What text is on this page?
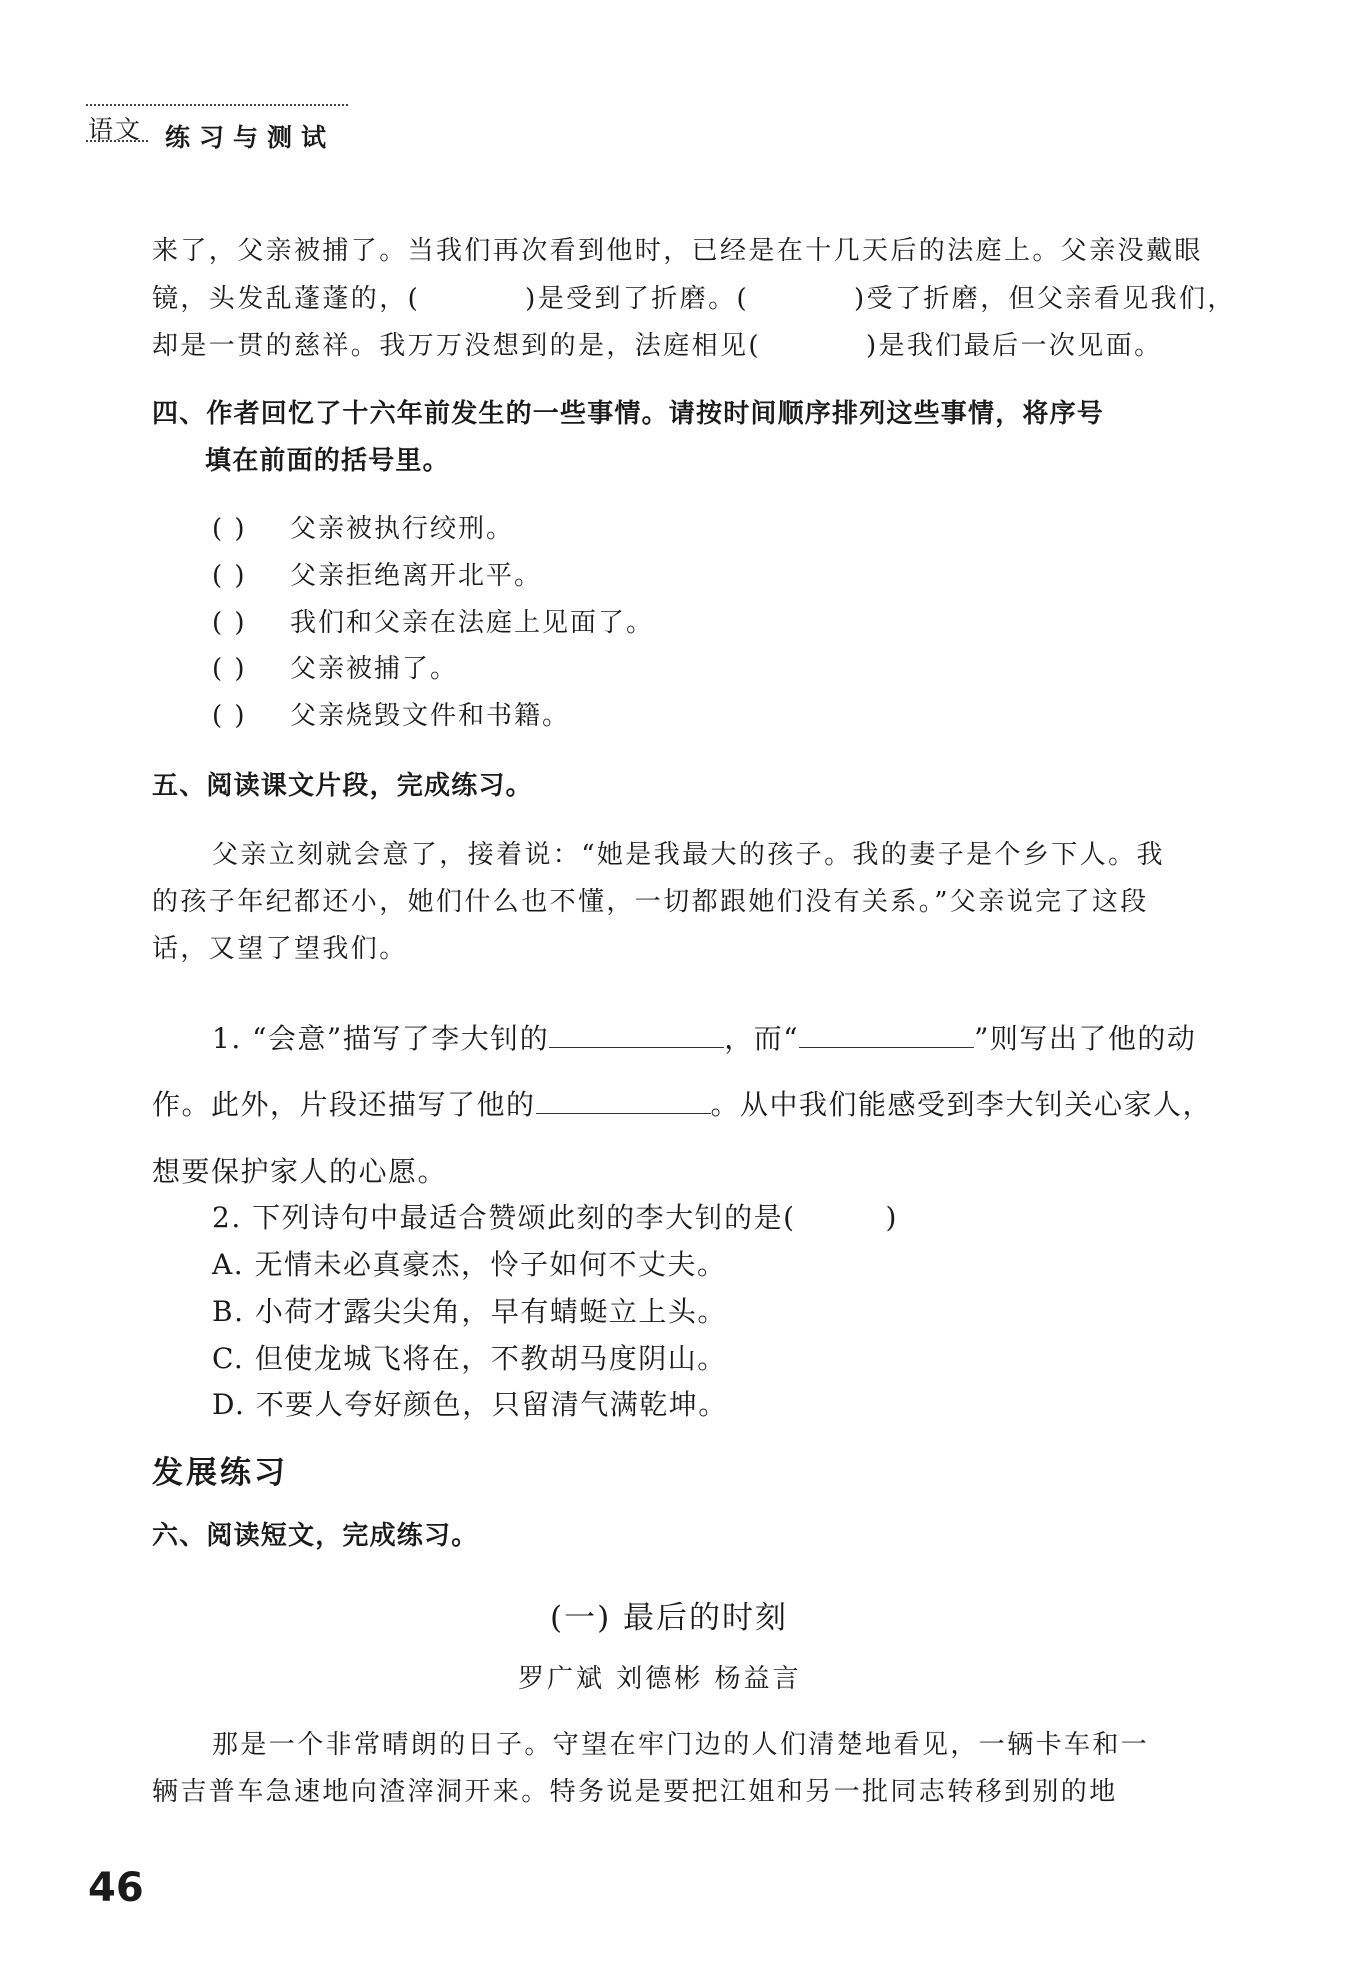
语文 练习与测试
来了，父亲被捕了。当我们再次看到他时，已经是在十几天后的法庭上。父亲没戴眼
镜，头发乱蓬蓬的，(	)是受到了折磨。(	)受了折磨，但父亲看见我们，
却是一贯的慈祥。我万万没想到的是，法庭相见(	)是我们最后一次见面。
四、作者回忆了十六年前发生的一些事情。请按时间顺序排列这些事情，将序号
填在前面的括号里。
( ) 父亲被执行绞刑。
( ) 父亲拒绝离开北平。
( ) 我们和父亲在法庭上见面了。
( ) 父亲被捕了。
( ) 父亲烧毁文件和书籍。
五、阅读课文片段，完成练习。
父亲立刻就会意了，接着说：“她是我最大的孩子。我的妻子是个乡下人。我
的孩子年纪都还小，她们什么也不懂，一切都跟她们没有关系。”父亲说完了这段
话，又望了望我们。
1. “会意”描写了李大钊的	，而“	”则写出了他的动
作。此外，片段还描写了他的	。从中我们能感受到李大钊关心家人，
想要保护家人的心愿。
2. 下列诗句中最适合赞颂此刻的李大钊的是(	)
A. 无情未必真豪杰，怜子如何不丈夫。
B. 小荷才露尖尖角，早有蜻蜓立上头。
C. 但使龙城飞将在，不教胡马度阴山。
D. 不要人夸好颜色，只留清气满乾坤。
发展练习
六、阅读短文，完成练习。
(一) 最后的时刻
罗广斌 刘德彬 杨益言
那是一个非常晴朗的日子。守望在牢门边的人们清楚地看见，一辆卡车和一
辆吉普车急速地向渣滓洞开来。特务说是要把江姐和另一批同志转移到别的地
46
